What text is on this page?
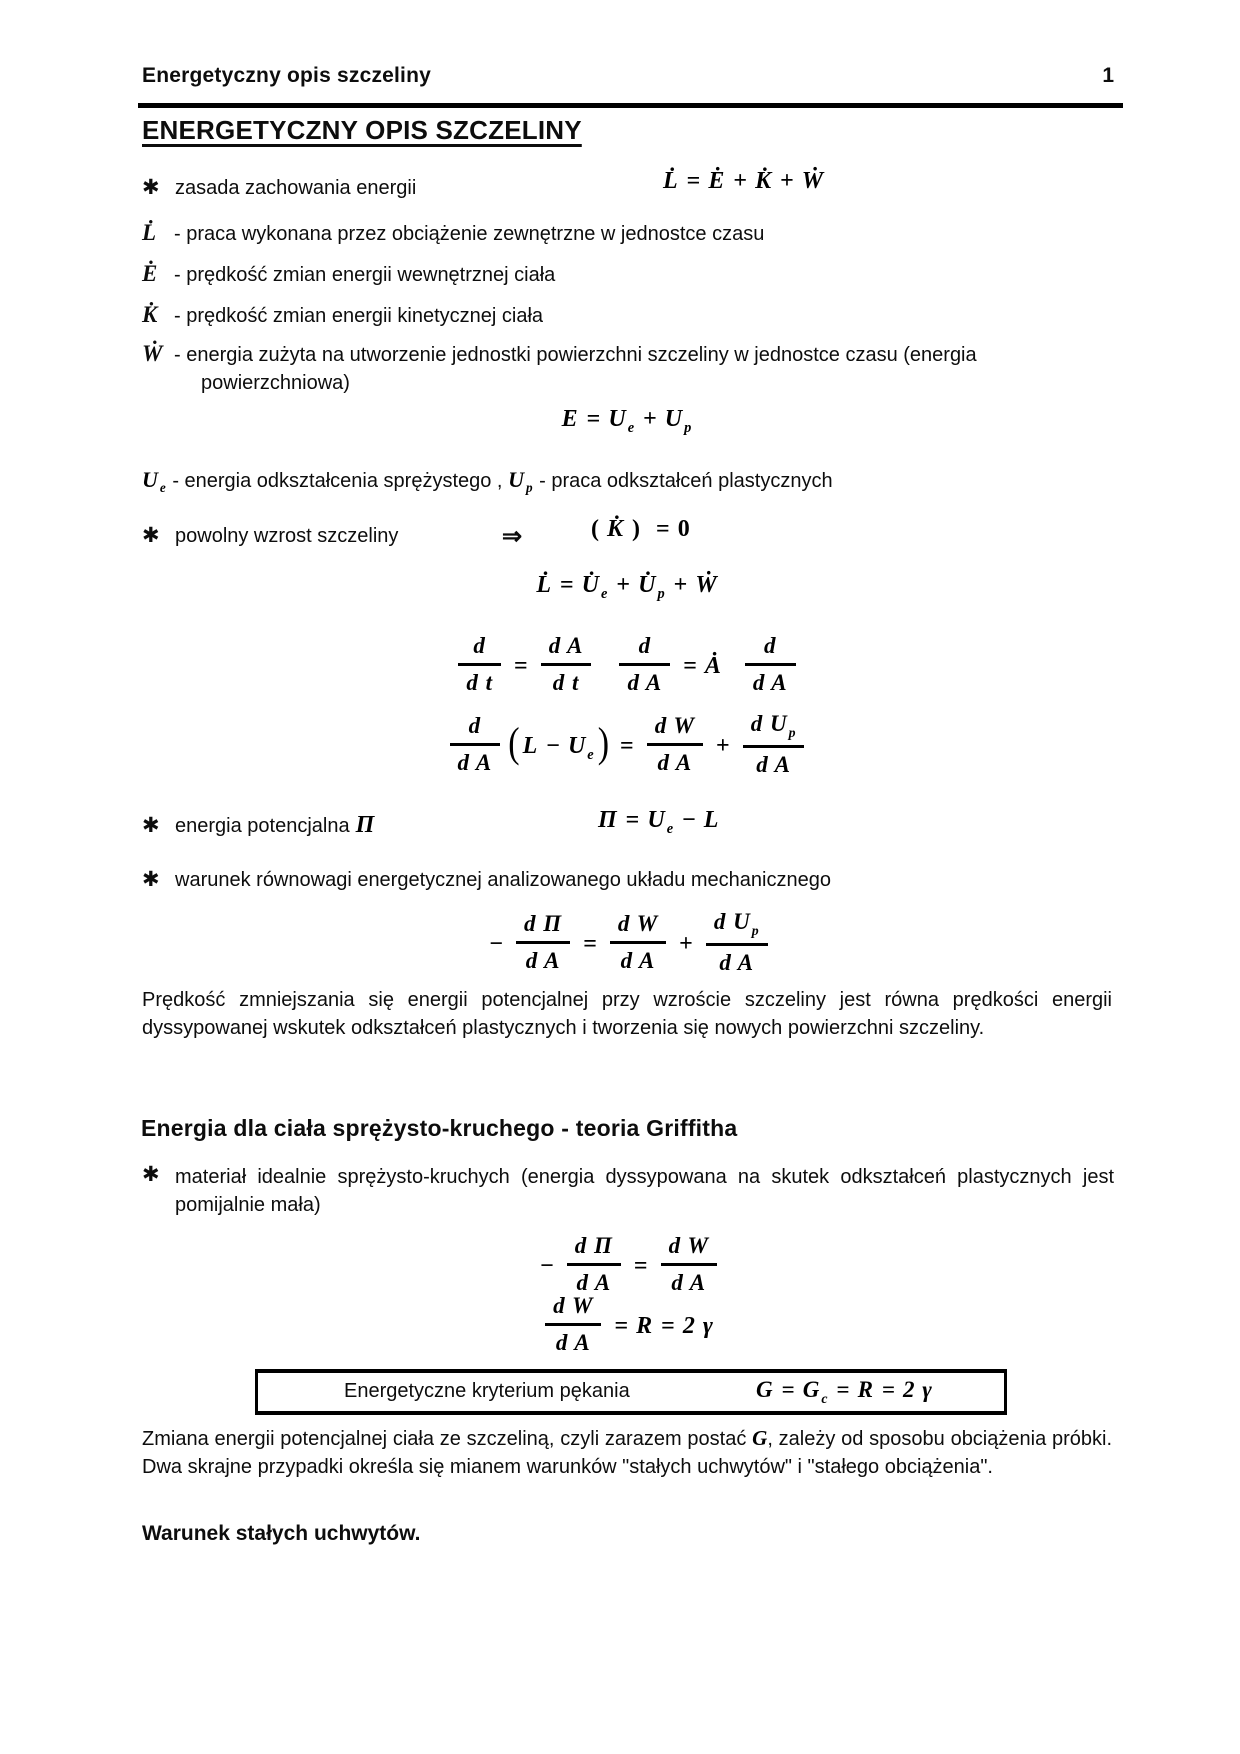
Energetyczny opis szczeliny	1
ENERGETYCZNY OPIS SZCZELINY
✱ zasada zachowania energii	L̇ = Ė + K̇ + Ẇ
L̇ - praca wykonana przez obciążenie zewnętrzne w jednostce czasu
Ė - prędkość zmian energii wewnętrznej ciała
K̇ - prędkość zmian energii kinetycznej ciała
Ẇ - energia zużyta na utworzenie jednostki powierzchni szczeliny w jednostce czasu (energia powierzchniowa)
$E = U_e + U_p$
$U_e$ - energia odkształcenia sprężystego , $U_p$ - praca odkształceń plastycznych
✱ powolny wzrost szczeliny	⇒	( K̇ ) = 0
L̇ = $U̇_e$ + $U̇_p$ + Ẇ
$\frac{d}{\text{d t}} = \frac{\text{d A}}{\text{d t}} \frac{d}{\text{d A}}$ = Ȧ $\frac{d}{\text{d A}}$
$\frac{d}{\text{d A}}$ ( $L - U_e) = \frac{\text{d W}}{\text{d A}} + \frac{d U_p}{\text{d A}}$
✱ energia potencjalna Π	$\Pi = U_e - L$
✱ warunek równowagi energetycznej analizowanego układu mechanicznego
− $\frac{\text{d Π}}{\text{d A}} = \frac{\text{d W}}{\text{d A}} + \frac{d U_p}{\text{d A}}$
Prędkość zmniejszania się energii potencjalnej przy wzroście szczeliny jest równa prędkości energii dyssypowanej wskutek odkształceń plastycznych i tworzenia się nowych powierzchni szczeliny.
Energia dla ciała sprężysto-kruchego - teoria Griffitha
✱ materiał idealnie sprężysto-kruchych (energia dyssypowana na skutek odkształceń plastycznych jest pomijalnie mała)
− $\frac{\text{d Π}}{\text{d A}} = \frac{\text{d W}}{\text{d A}}$
$\frac{\text{d W}}{\text{d A}} = R = 2$ γ
Energetyczne kryterium pękania	$G = G_c = R = 2$ γ
Zmiana energii potencjalnej ciała ze szczeliną, czyli zarazem postać G, zależy od sposobu obciążenia próbki. Dwa skrajne przypadki określa się mianem warunków "stałych uchwytów" i "stałego obciążenia".
Warunek stałych uchwytów.
